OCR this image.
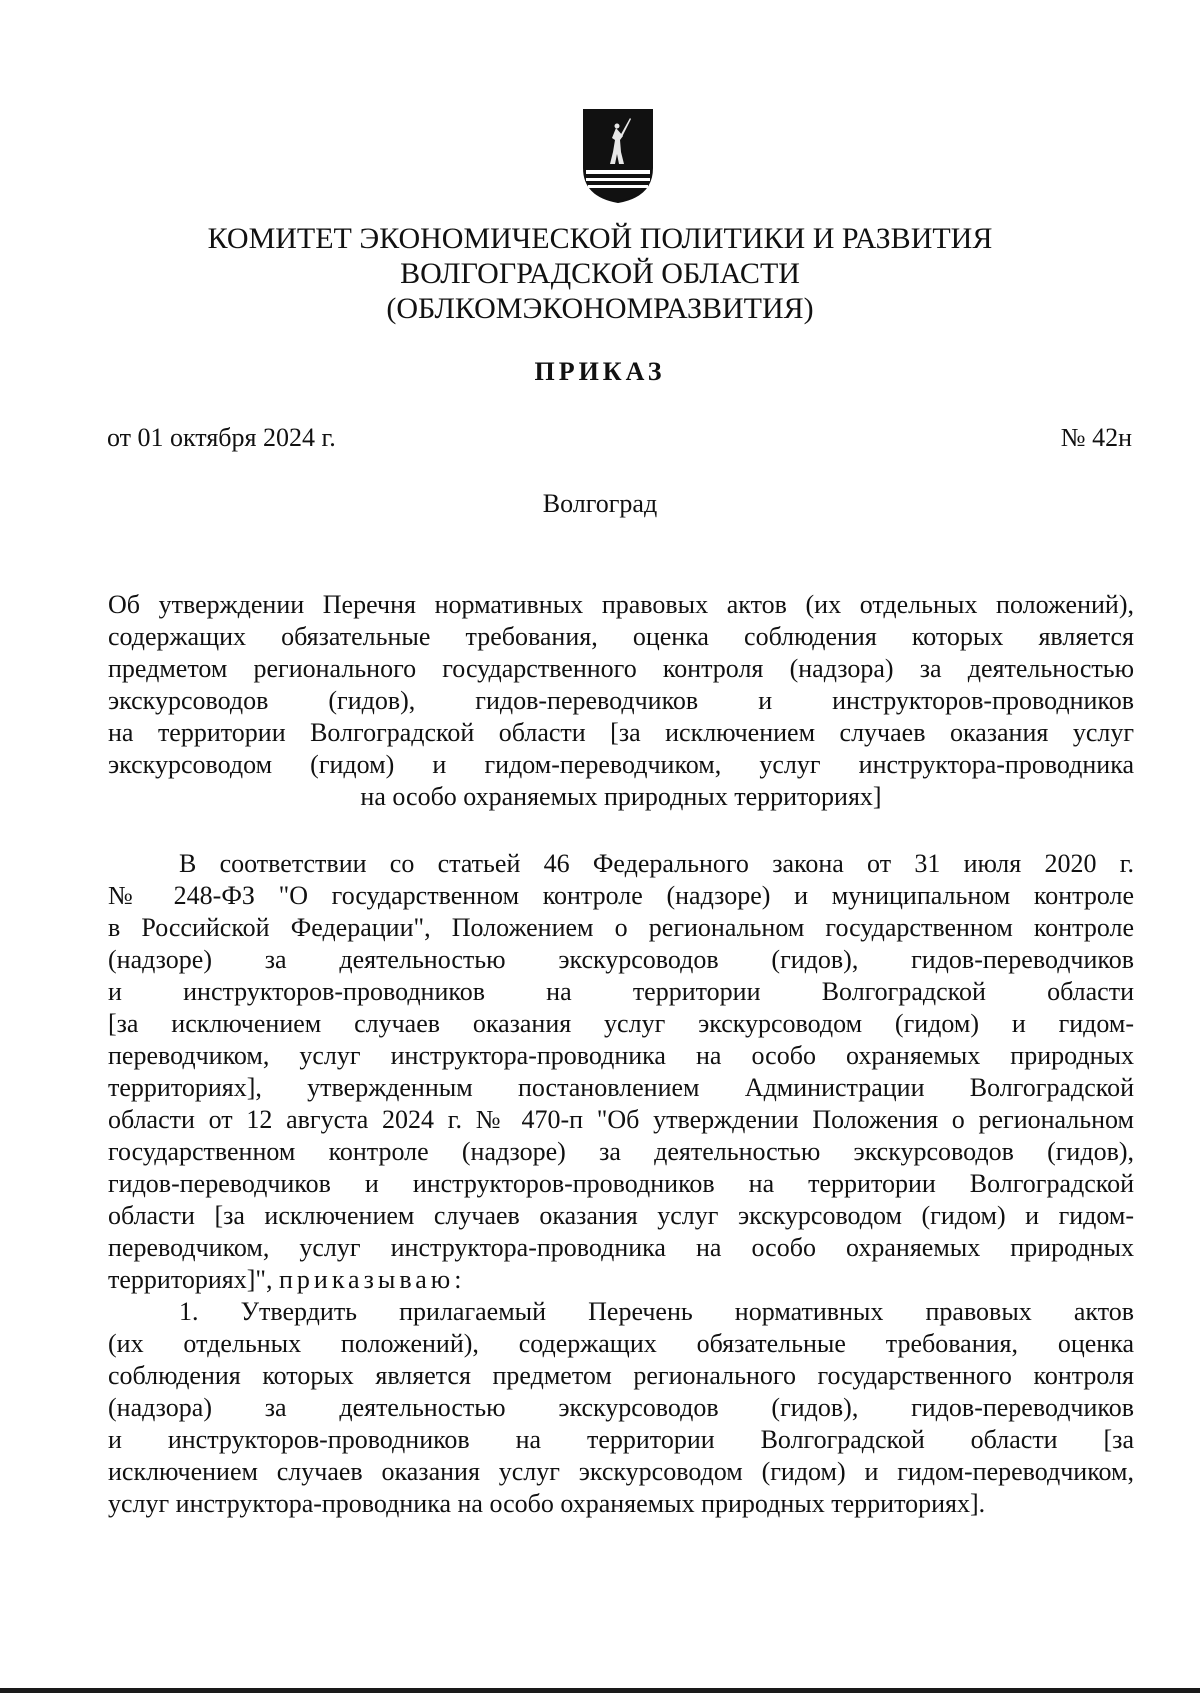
КОМИТЕТ ЭКОНОМИЧЕСКОЙ ПОЛИТИКИ И РАЗВИТИЯ
ВОЛГОГРАДСКОЙ ОБЛАСТИ
(ОБЛКОМЭКОНОМРАЗВИТИЯ)
ПРИКАЗ
от 01 октября 2024 г.	№ 42н
Волгоград
Об утверждении Перечня нормативных правовых актов (их отдельных положений),
содержащих обязательные требования, оценка соблюдения которых является
предметом регионального государственного контроля (надзора) за деятельностью
экскурсоводов (гидов), гидов-переводчиков и инструкторов-проводников
на территории Волгоградской области [за исключением случаев оказания услуг
экскурсоводом (гидом) и гидом-переводчиком, услуг инструктора-проводника
на особо охраняемых природных территориях]
В соответствии со статьей 46 Федерального закона от 31 июля 2020 г.
№ 248-ФЗ "О государственном контроле (надзоре) и муниципальном контроле
в Российской Федерации", Положением о региональном государственном контроле
(надзоре) за деятельностью экскурсоводов (гидов), гидов-переводчиков
и инструкторов-проводников на территории Волгоградской области
[за исключением случаев оказания услуг экскурсоводом (гидом) и гидом-
переводчиком, услуг инструктора-проводника на особо охраняемых природных
территориях], утвержденным постановлением Администрации Волгоградской
области от 12 августа 2024 г. № 470-п "Об утверждении Положения о региональном
государственном контроле (надзоре) за деятельностью экскурсоводов (гидов),
гидов-переводчиков и инструкторов-проводников на территории Волгоградской
области [за исключением случаев оказания услуг экскурсоводом (гидом) и гидом-
переводчиком, услуг инструктора-проводника на особо охраняемых природных
территориях]", приказываю:
1. Утвердить прилагаемый Перечень нормативных правовых актов
(их отдельных положений), содержащих обязательные требования, оценка
соблюдения которых является предметом регионального государственного контроля
(надзора) за деятельностью экскурсоводов (гидов), гидов-переводчиков
и инструкторов-проводников на территории Волгоградской области [за
исключением случаев оказания услуг экскурсоводом (гидом) и гидом-переводчиком,
услуг инструктора-проводника на особо охраняемых природных территориях].
